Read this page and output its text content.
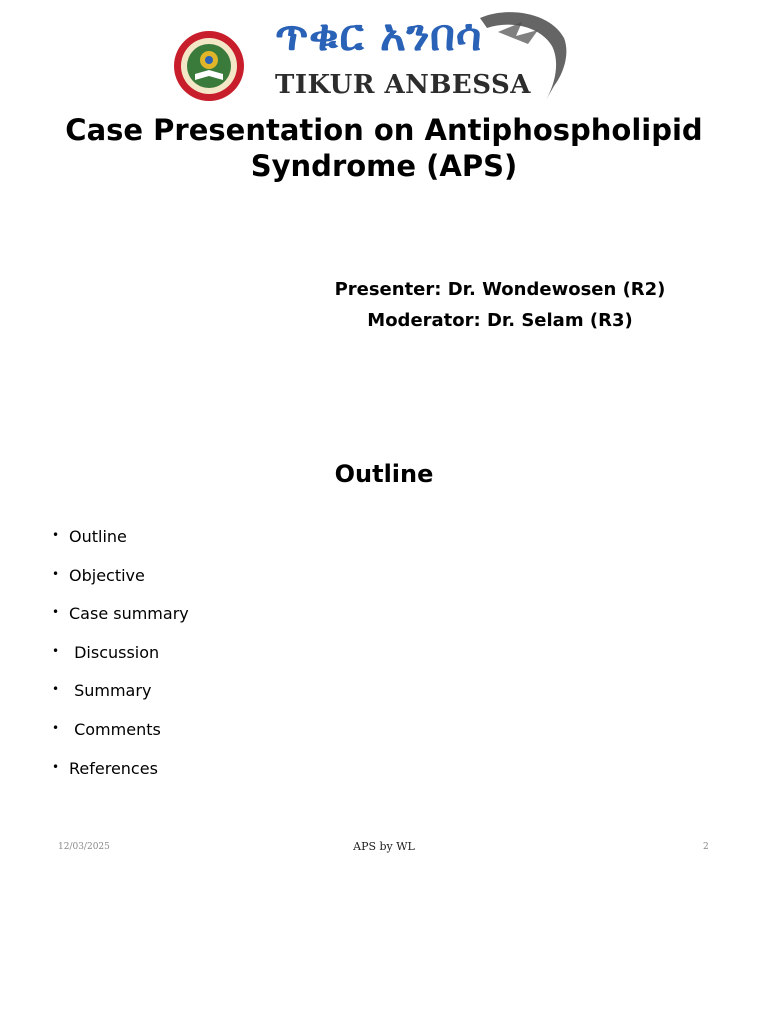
ጥቁር አንበሳ
TIKUR ANBESSA
Case Presentation on Antiphospholipid
Syndrome (APS)
Presenter: Dr. Wondewosen (R2)
Moderator: Dr. Selam (R3)
Outline
• Outline
• Objective
• Case summary
• Discussion
• Summary
• Comments
• References
12/03/2025	APS by WL	2
